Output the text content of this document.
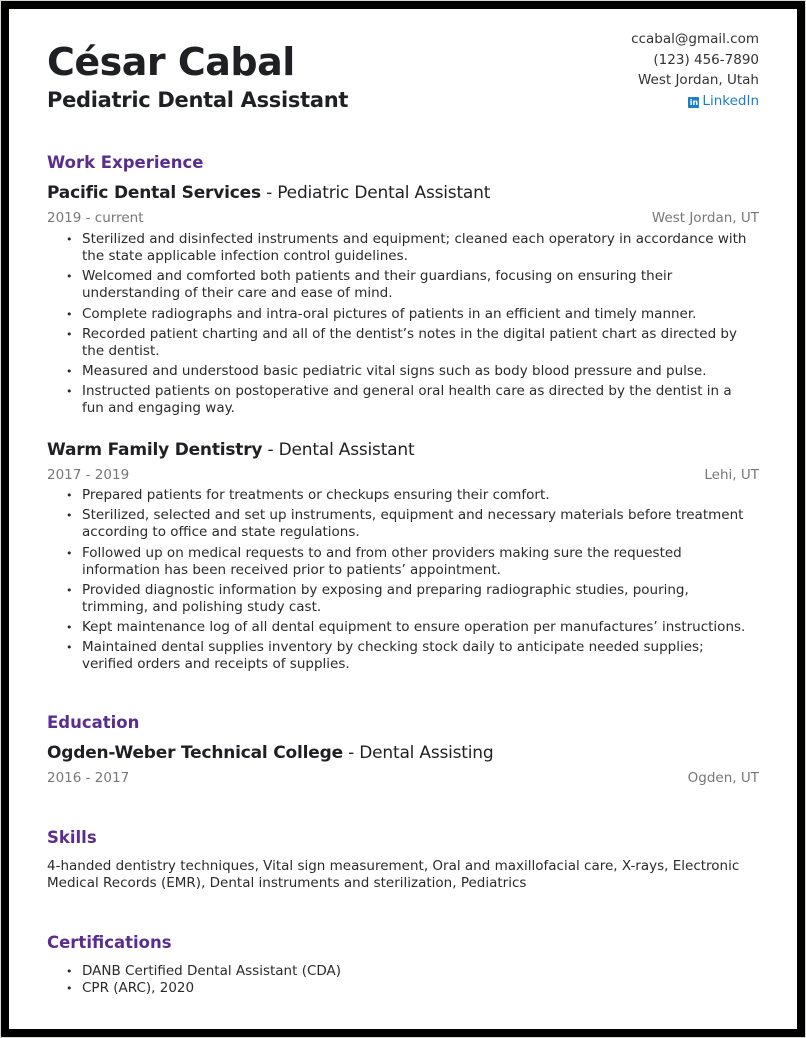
César Cabal
Pediatric Dental Assistant
ccabal@gmail.com
(123) 456-7890
West Jordan, Utah
in LinkedIn
Work Experience
Pacific Dental Services - Pediatric Dental Assistant
2019 - current	West Jordan, UT
• Sterilized and disinfected instruments and equipment; cleaned each operatory in accordance with the state applicable infection control guidelines.
• Welcomed and comforted both patients and their guardians, focusing on ensuring their understanding of their care and ease of mind.
• Complete radiographs and intra-oral pictures of patients in an efficient and timely manner.
• Recorded patient charting and all of the dentist’s notes in the digital patient chart as directed by the dentist.
• Measured and understood basic pediatric vital signs such as body blood pressure and pulse.
• Instructed patients on postoperative and general oral health care as directed by the dentist in a fun and engaging way.
Warm Family Dentistry - Dental Assistant
2017 - 2019	Lehi, UT
• Prepared patients for treatments or checkups ensuring their comfort.
• Sterilized, selected and set up instruments, equipment and necessary materials before treatment according to office and state regulations.
• Followed up on medical requests to and from other providers making sure the requested information has been received prior to patients’ appointment.
• Provided diagnostic information by exposing and preparing radiographic studies, pouring, trimming, and polishing study cast.
• Kept maintenance log of all dental equipment to ensure operation per manufactures’ instructions.
• Maintained dental supplies inventory by checking stock daily to anticipate needed supplies; verified orders and receipts of supplies.
Education
Ogden-Weber Technical College - Dental Assisting
2016 - 2017	Ogden, UT
Skills
4-handed dentistry techniques, Vital sign measurement, Oral and maxillofacial care, X-rays, Electronic Medical Records (EMR), Dental instruments and sterilization, Pediatrics
Certifications
• DANB Certified Dental Assistant (CDA)
• CPR (ARC), 2020
